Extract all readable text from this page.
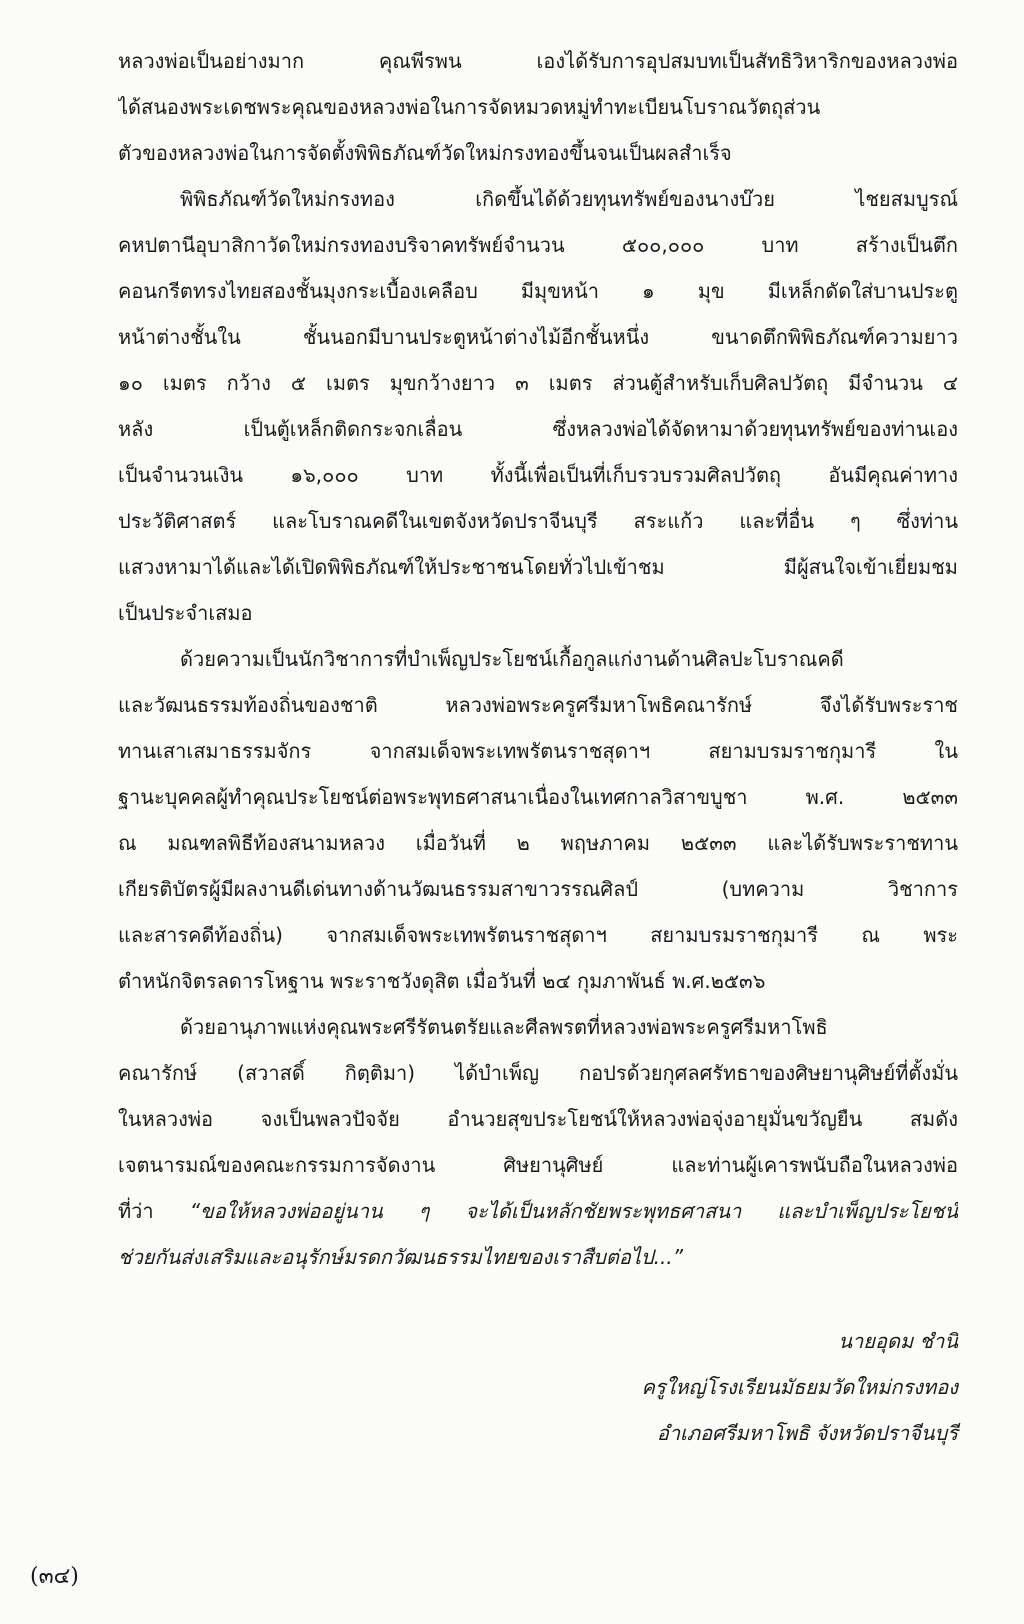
หลวงพ่อเป็นอย่างมาก คุณพีรพน เองได้รับการอุปสมบทเป็นสัทธิวิหาริกของหลวงพ่อ
ได้สนองพระเดชพระคุณของหลวงพ่อในการจัดหมวดหมู่ทำทะเบียนโบราณวัตถุส่วน
ตัวของหลวงพ่อในการจัดตั้งพิพิธภัณฑ์วัดใหม่กรงทองขึ้นจนเป็นผลสำเร็จ

พิพิธภัณฑ์วัดใหม่กรงทอง เกิดขึ้นได้ด้วยทุนทรัพย์ของนางบ๊วย ไชยสมบูรณ์
คหปตานีอุบาสิกาวัดใหม่กรงทองบริจาคทรัพย์จำนวน ๕๐๐,๐๐๐ บาท สร้างเป็นตึก
คอนกรีตทรงไทยสองชั้นมุงกระเบื้องเคลือบ มีมุขหน้า ๑ มุข มีเหล็กดัดใส่บานประตู
หน้าต่างชั้นใน ชั้นนอกมีบานประตูหน้าต่างไม้อีกชั้นหนึ่ง ขนาดตึกพิพิธภัณฑ์ความยาว
๑๐ เมตร กว้าง ๕ เมตร มุขกว้างยาว ๓ เมตร ส่วนตู้สำหรับเก็บศิลปวัตถุ มีจำนวน ๔
หลัง เป็นตู้เหล็กติดกระจกเลื่อน ซึ่งหลวงพ่อได้จัดหามาด้วยทุนทรัพย์ของท่านเอง
เป็นจำนวนเงิน ๑๖,๐๐๐ บาท ทั้งนี้เพื่อเป็นที่เก็บรวบรวมศิลปวัตถุ อันมีคุณค่าทาง
ประวัติศาสตร์ และโบราณคดีในเขตจังหวัดปราจีนบุรี สระแก้ว และที่อื่น ๆ ซึ่งท่าน
แสวงหามาได้และได้เปิดพิพิธภัณฑ์ให้ประชาชนโดยทั่วไปเข้าชม มีผู้สนใจเข้าเยี่ยมชม
เป็นประจำเสมอ

ด้วยความเป็นนักวิชาการที่บำเพ็ญประโยชน์เกื้อกูลแก่งานด้านศิลปะโบราณคดี
และวัฒนธรรมท้องถิ่นของชาติ หลวงพ่อพระครูศรีมหาโพธิคณารักษ์ จึงได้รับพระราช
ทานเสาเสมาธรรมจักร จากสมเด็จพระเทพรัตนราชสุดาฯ สยามบรมราชกุมารี ใน
ฐานะบุคคลผู้ทำคุณประโยชน์ต่อพระพุทธศาสนาเนื่องในเทศกาลวิสาขบูชา พ.ศ. ๒๕๓๓
ณ มณฑลพิธีท้องสนามหลวง เมื่อวันที่ ๒ พฤษภาคม ๒๕๓๓ และได้รับพระราชทาน
เกียรติบัตรผู้มีผลงานดีเด่นทางด้านวัฒนธรรมสาขาวรรณศิลป์ (บทความ วิชาการ
และสารคดีท้องถิ่น) จากสมเด็จพระเทพรัตนราชสุดาฯ สยามบรมราชกุมารี ณ พระ
ตำหนักจิตรลดารโหฐาน พระราชวังดุสิต เมื่อวันที่ ๒๔ กุมภาพันธ์ พ.ศ.๒๕๓๖

ด้วยอานุภาพแห่งคุณพระศรีรัตนตรัยและศีลพรตที่หลวงพ่อพระครูศรีมหาโพธิ
คณารักษ์ (สวาสดิ์ กิตฺติมา) ได้บำเพ็ญ กอปรด้วยกุศลศรัทธาของศิษยานุศิษย์ที่ตั้งมั่น
ในหลวงพ่อ จงเป็นพลวปัจจัย อำนวยสุขประโยชน์ให้หลวงพ่อจุ่งอายุมั่นขวัญยืน สมดัง
เจตนารมณ์ของคณะกรรมการจัดงาน ศิษยานุศิษย์ และท่านผู้เคารพนับถือในหลวงพ่อ
ที่ว่า “ขอให้หลวงพ่ออยู่นาน ๆ จะได้เป็นหลักชัยพระพุทธศาสนา และบำเพ็ญประโยชน์
ช่วยกันส่งเสริมและอนุรักษ์มรดกวัฒนธรรมไทยของเราสืบต่อไป...”

นายอุดม ชำนิ
ครูใหญ่โรงเรียนมัธยมวัดใหม่กรงทอง
อำเภอศรีมหาโพธิ จังหวัดปราจีนบุรี
(๓๔)
